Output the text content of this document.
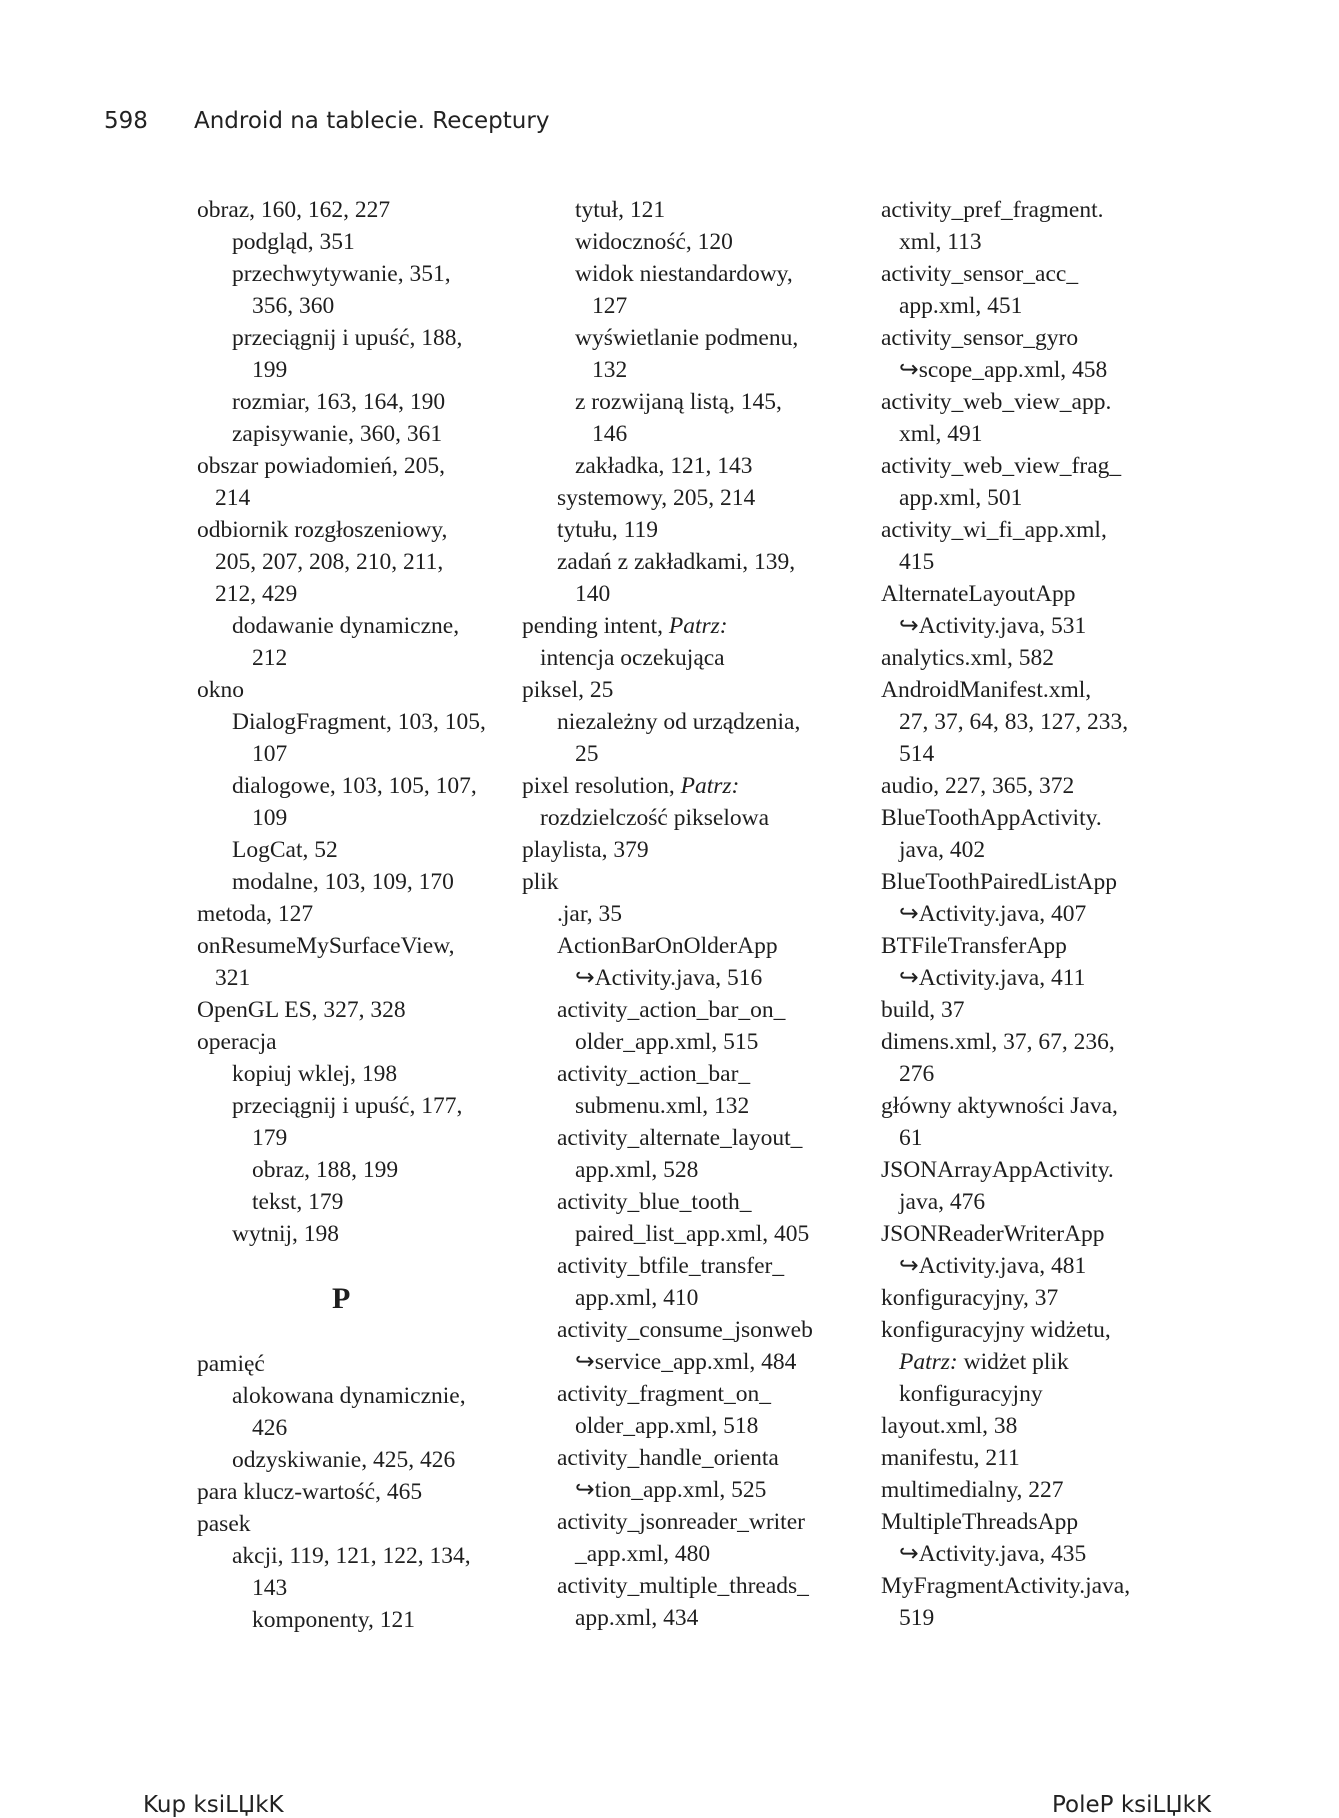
598 Android na tablecie. Receptury
obraz, 160, 162, 227
podgląd, 351
przechwytywanie, 351,
356, 360
przeciągnij i upuść, 188,
199
rozmiar, 163, 164, 190
zapisywanie, 360, 361
obszar powiadomień, 205,
214
odbiornik rozgłoszeniowy,
205, 207, 208, 210, 211,
212, 429
dodawanie dynamiczne,
212
okno
DialogFragment, 103, 105,
107
dialogowe, 103, 105, 107,
109
LogCat, 52
modalne, 103, 109, 170
metoda, 127
onResumeMySurfaceView,
321
OpenGL ES, 327, 328
operacja
kopiuj wklej, 198
przeciągnij i upuść, 177,
179
obraz, 188, 199
tekst, 179
wytnij, 198
P
pamięć
alokowana dynamicznie,
426
odzyskiwanie, 425, 426
para klucz-wartość, 465
pasek
akcji, 119, 121, 122, 134,
143
komponenty, 121
tytuł, 121
widoczność, 120
widok niestandardowy,
127
wyświetlanie podmenu,
132
z rozwijaną listą, 145,
146
zakładka, 121, 143
systemowy, 205, 214
tytułu, 119
zadań z zakładkami, 139,
140
pending intent, Patrz:
intencja oczekująca
piksel, 25
niezależny od urządzenia,
25
pixel resolution, Patrz:
rozdzielczość pikselowa
playlista, 379
plik
.jar, 35
ActionBarOnOlderApp
↪Activity.java, 516
activity_action_bar_on_
older_app.xml, 515
activity_action_bar_
submenu.xml, 132
activity_alternate_layout_
app.xml, 528
activity_blue_tooth_
paired_list_app.xml, 405
activity_btfile_transfer_
app.xml, 410
activity_consume_jsonweb
↪service_app.xml, 484
activity_fragment_on_
older_app.xml, 518
activity_handle_orienta
↪tion_app.xml, 525
activity_jsonreader_writer
_app.xml, 480
activity_multiple_threads_
app.xml, 434
activity_pref_fragment.
xml, 113
activity_sensor_acc_
app.xml, 451
activity_sensor_gyro
↪scope_app.xml, 458
activity_web_view_app.
xml, 491
activity_web_view_frag_
app.xml, 501
activity_wi_fi_app.xml,
415
AlternateLayoutApp
↪Activity.java, 531
analytics.xml, 582
AndroidManifest.xml,
27, 37, 64, 83, 127, 233,
514
audio, 227, 365, 372
BlueToothAppActivity.
java, 402
BlueToothPairedListApp
↪Activity.java, 407
BTFileTransferApp
↪Activity.java, 411
build, 37
dimens.xml, 37, 67, 236,
276
główny aktywności Java,
61
JSONArrayAppActivity.
java, 476
JSONReaderWriterApp
↪Activity.java, 481
konfiguracyjny, 37
konfiguracyjny widżetu,
Patrz: widżet plik
konfiguracyjny
layout.xml, 38
manifestu, 211
multimedialny, 227
MultipleThreadsApp
↪Activity.java, 435
MyFragmentActivity.java,
519
Kup ksiLЏkK	PoleP ksiLЏkK
